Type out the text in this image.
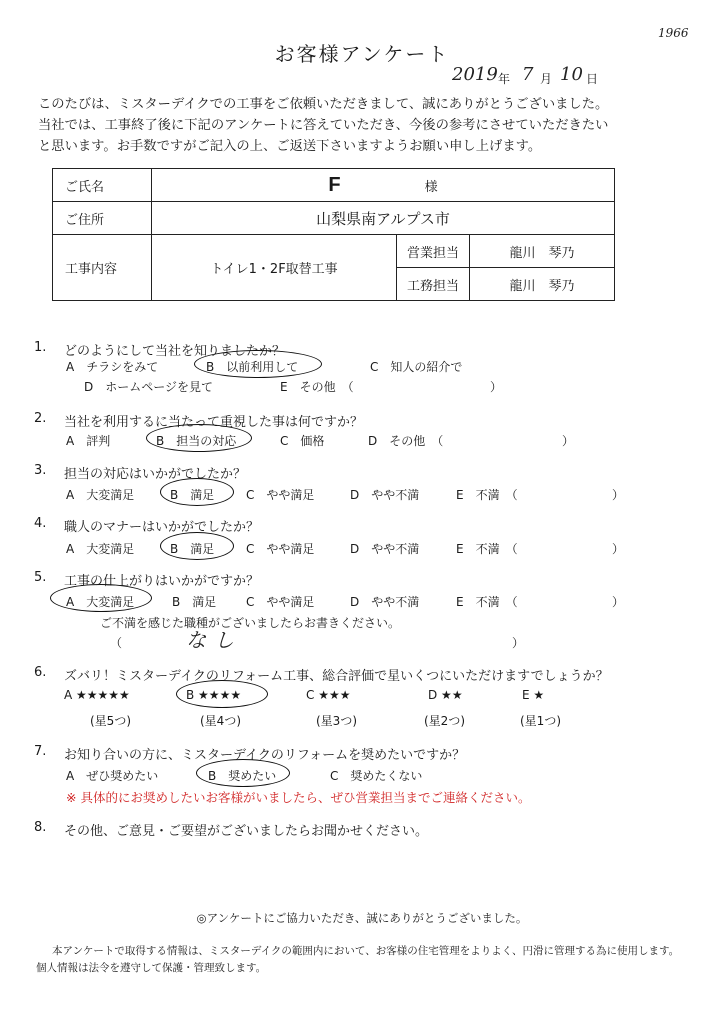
1966
お客様アンケート
2019 年 7 月 10 日
このたびは、ミスターデイクでの工事をご依頼いただきまして、誠にありがとうございました。
当社では、工事終了後に下記のアンケートに答えていただき、今後の参考にさせていただきたい
と思います。お手数ですがご記入の上、ご返送下さいますようお願い申し上げます。
ご氏名	F 様		
ご住所	山梨県南アルプス市		
工事内容	トイレ1・2F取替工事	営業担当	龍川　琴乃
		工務担当	龍川　琴乃
1. どのようにして当社を知りましたか？
A　チラシをみて	B　以前利用して	C　知人の紹介で
D　ホームページを見て	E　その他　（	）
2. 当社を利用するに当たって重視した事は何ですか？
A　評判	B　担当の対応	C　価格	D　その他　（	）
3. 担当の対応はいかがでしたか？
A　大変満足	B　満足	C　やや満足	D　やや不満	E　不満　（	）
4. 職人のマナーはいかがでしたか？
A　大変満足	B　満足	C　やや満足	D　やや不満	E　不満　（	）
5. 工事の仕上がりはいかがですか？
A　大変満足	B　満足 C　やや満足	D　やや不満	E　不満　（	）
ご不満を感じた職種がございましたらお書きください。
（	なし	）
6. ズバリ！ミスターデイクのリフォーム工事、総合評価で星いくつにいただけますでしょうか？
A ★★★★★	B ★★★★	C ★★★	D ★★	E ★
(星5つ)	(星4つ)	(星3つ)	(星2つ)	(星1つ)
7. お知り合いの方に、ミスターデイクのリフォームを奨めたいですか？
A　ぜひ奨めたい	B　奨めたい	C　奨めたくない
※ 具体的にお奨めしたいお客様がいましたら、ぜひ営業担当までご連絡ください。
8. その他、ご意見・ご要望がございましたらお聞かせください。
◎アンケートにご協力いただき、誠にありがとうございました。
本アンケートで取得する情報は、ミスターデイクの範囲内において、お客様の住宅管理をよりよく、円滑に管理する為に使用します。
個人情報は法令を遵守して保護・管理致します。
